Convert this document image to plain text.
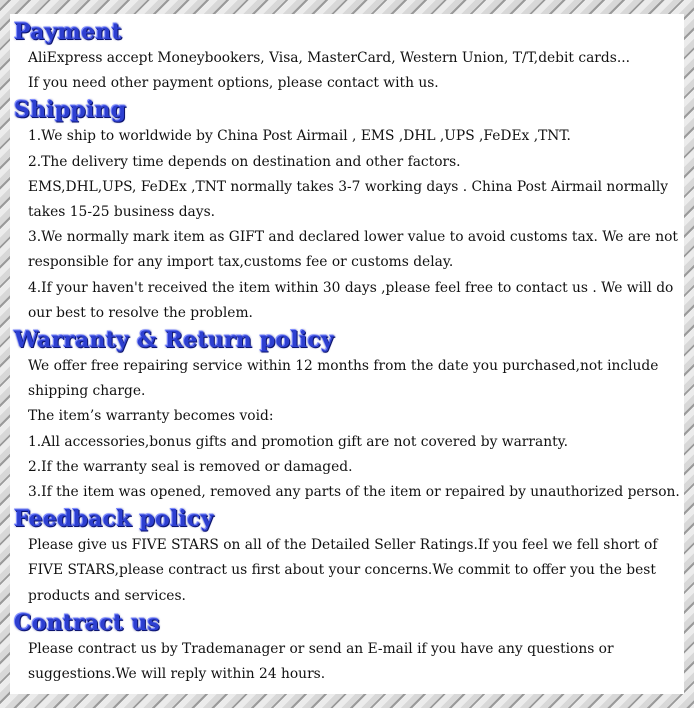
Payment
AliExpress accept Moneybookers, Visa, MasterCard, Western Union, T/T,debit cards...
If you need other payment options, please contact with us.
Shipping
1.We ship to worldwide by China Post Airmail , EMS ,DHL ,UPS ,FeDEx ,TNT.
2.The delivery time depends on destination and other factors.
EMS,DHL,UPS, FeDEx ,TNT normally takes 3-7 working days . China Post Airmail normally
takes 15-25 business days.
3.We normally mark item as GIFT and declared lower value to avoid customs tax. We are not
responsible for any import tax,customs fee or customs delay.
4.If your haven't received the item within 30 days ,please feel free to contact us . We will do
our best to resolve the problem.
Warranty & Return policy
We offer free repairing service within 12 months from the date you purchased,not include
shipping charge.
The item’s warranty becomes void:
1.All accessories,bonus gifts and promotion gift are not covered by warranty.
2.If the warranty seal is removed or damaged.
3.If the item was opened, removed any parts of the item or repaired by unauthorized person.
Feedback policy
Please give us FIVE STARS on all of the Detailed Seller Ratings.If you feel we fell short of
FIVE STARS,please contract us first about your concerns.We commit to offer you the best
products and services.
Contract us
Please contract us by Trademanager or send an E-mail if you have any questions or
suggestions.We will reply within 24 hours.
